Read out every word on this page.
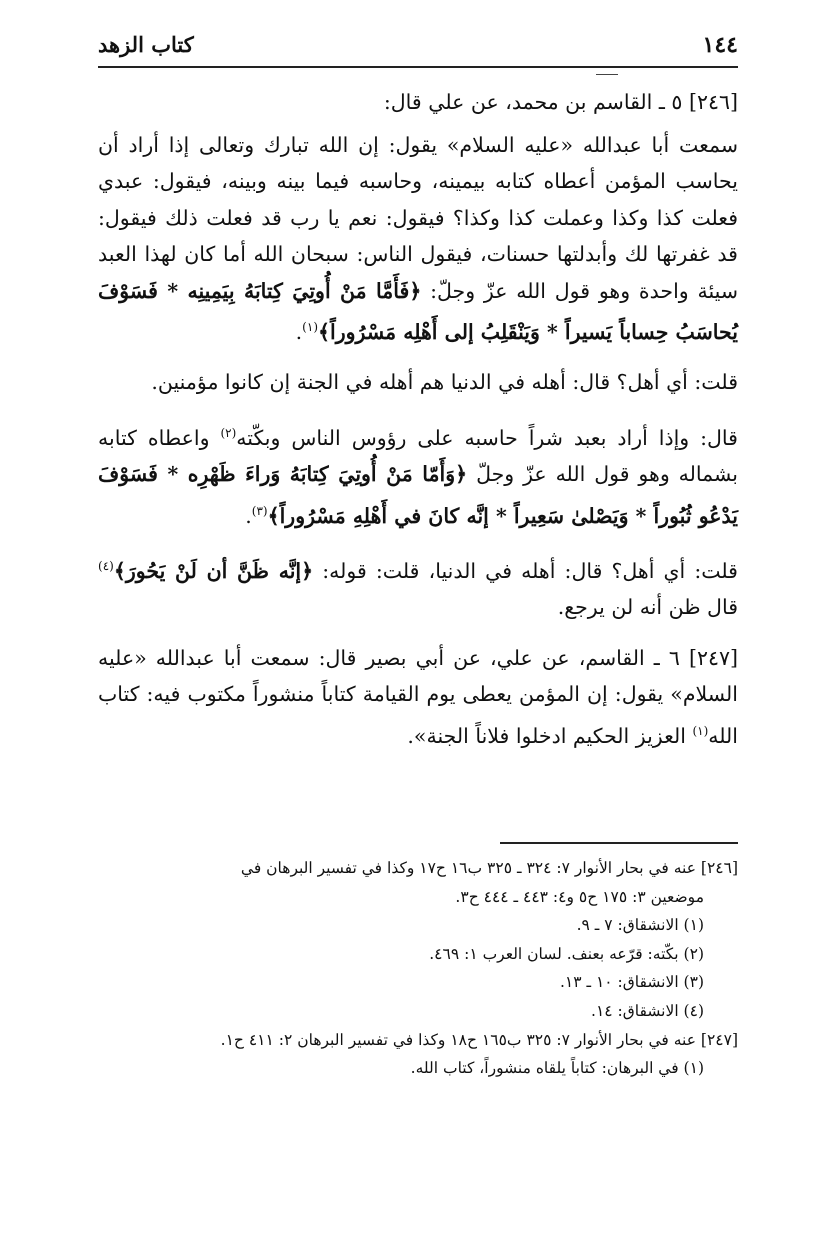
١٤٤
كتاب الزهد

[٢٤٦] ٥ ـ القاسم بن محمد، عن علي قال:

سمعت أبا عبدالله «عليه السلام» يقول: إن الله تبارك وتعالى إذا أراد أن يحاسب المؤمن أعطاه كتابه بيمينه، وحاسبه فيما بينه وبينه، فيقول: عبدي فعلت كذا وكذا وعملت كذا وكذا؟ فيقول: نعم يا رب قد فعلت ذلك فيقول: قد غفرتها لك وأبدلتها حسنات، فيقول الناس: سبحان الله أما كان لهذا العبد سيئة واحدة وهو قول الله عزّ وجلّ: ﴿فَأَمَّا مَنْ أُوتِيَ كِتابَهُ بِيَمِينِه * فَسَوْفَ يُحاسَبُ حِساباً يَسيراً * وَيَنْقَلِبُ إلى أَهْلِه مَسْرُوراً﴾$^{(١)}$.

قلت: أي أهل؟ قال: أهله في الدنيا هم أهله في الجنة إن كانوا مؤمنين.

قال: وإذا أراد بعبد شراً حاسبه على رؤوس الناس وبكّته$^{(٢)}$ واعطاه كتابه بشماله وهو قول الله عزّ وجلّ ﴿وَأَمّا مَنْ أُوتِيَ كِتابَهُ وَراءَ ظَهْرِه * فَسَوْفَ يَدْعُو ثُبُوراً * وَيَصْلىٰ سَعِيراً * إنَّه كانَ في أَهْلِهِ مَسْرُوراً﴾$^{(٣)}$.

قلت: أي أهل؟ قال: أهله في الدنيا، قلت: قوله: ﴿إنَّه ظَنَّ أن لَنْ يَحُورَ﴾$^{(٤)}$ قال ظن أنه لن يرجع.

[٢٤٧] ٦ ـ القاسم، عن علي، عن أبي بصير قال: سمعت أبا عبدالله «عليه السلام» يقول: إن المؤمن يعطى يوم القيامة كتاباً منشوراً مكتوب فيه: كتاب الله$^{(١)}$ العزيز الحكيم ادخلوا فلاناً الجنة».

[٢٤٦] عنه في بحار الأنوار ٧: ٣٢٤ ـ ٣٢٥ ب١٦ ح١٧ وكذا في تفسير البرهان في

موضعين ٣: ١٧٥ ح٥ و٤: ٤٤٣ ـ ٤٤٤ ح٣.

(١) الانشقاق: ٧ ـ ٩.

(٢) بكّته: قرّعه بعنف. لسان العرب ١: ٤٦٩.

(٣) الانشقاق: ١٠ ـ ١٣.

(٤) الانشقاق: ١٤.

[٢٤٧] عنه في بحار الأنوار ٧: ٣٢٥ ب١٦٥ ح١٨ وكذا في تفسير البرهان ٢: ٤١١ ح١.

(١) في البرهان: كتاباً يلقاه منشوراً، كتاب الله.
